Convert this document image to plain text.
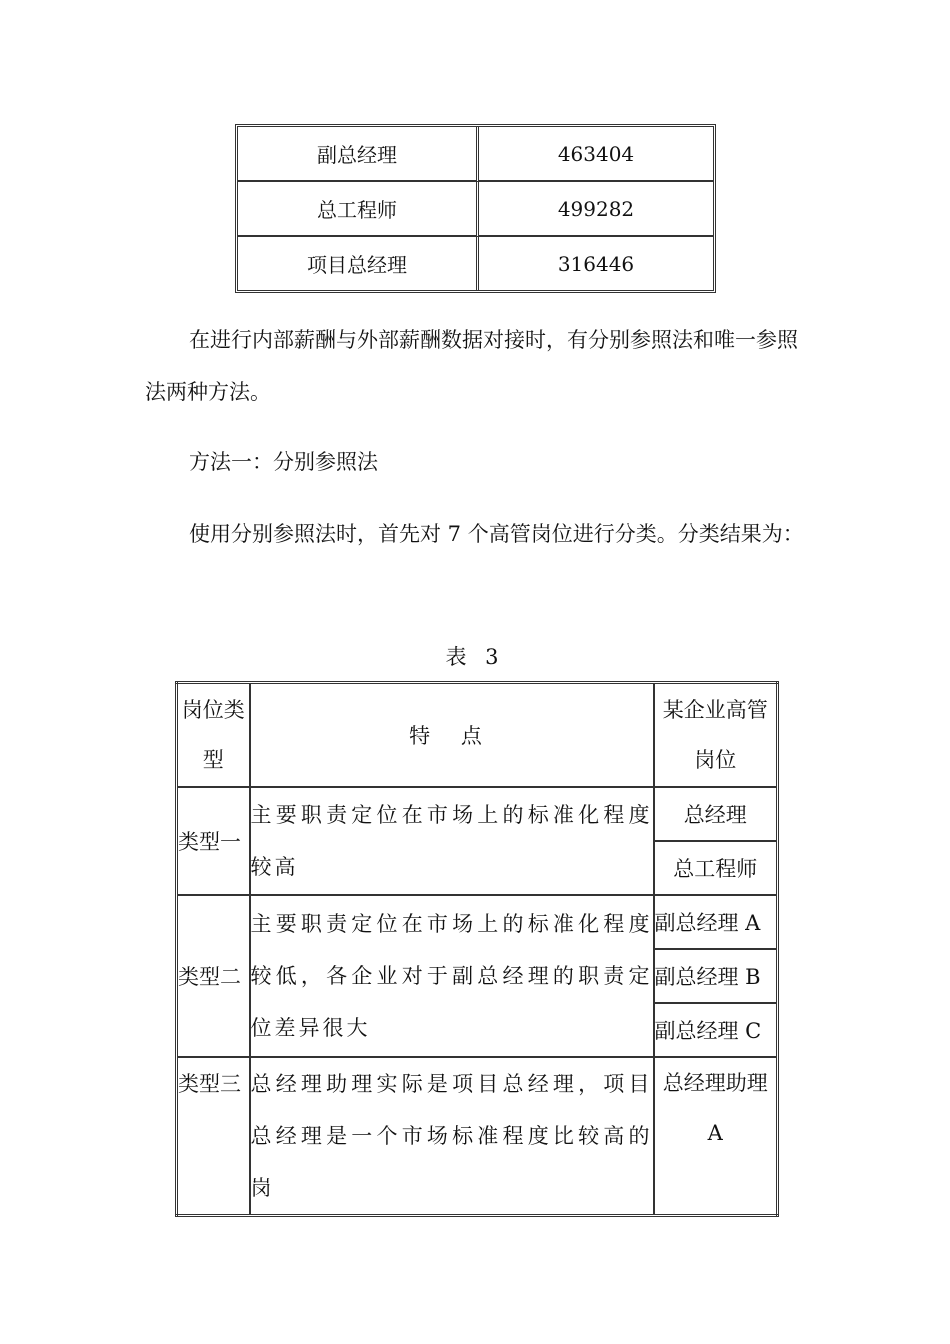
副总经理	463404
总工程师	499282
项目总经理	316446

在进行内部薪酬与外部薪酬数据对接时，有分别参照法和唯一参照法两种方法。

方法一：分别参照法

使用分别参照法时，首先对 7 个高管岗位进行分类。分类结果为：

表 3
岗位类型	特 点	某企业高管岗位
类型一	主要职责定位在市场上的标准化程度较高	总经理
		总工程师
类型二	主要职责定位在市场上的标准化程度较低，各企业对于副总经理的职责定位差异很大	副总经理 A
		副总经理 B
		副总经理 C
类型三	总经理助理实际是项目总经理，项目总经理是一个市场标准程度比较高的岗	总经理助理 A
